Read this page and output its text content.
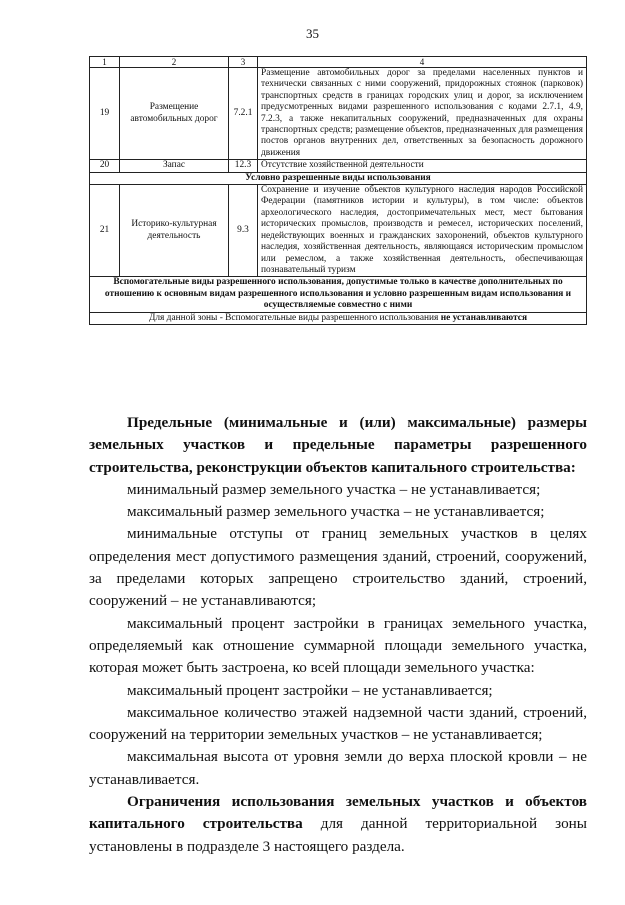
35
1	2	3	4
19	Размещение автомобильных дорог	7.2.1	Размещение автомобильных дорог за пределами населенных пунктов и технически связанных с ними сооружений, придорожных стоянок (парковок) транспортных средств в границах городских улиц и дорог, за исключением предусмотренных видами разрешенного использования с кодами 2.7.1, 4.9, 7.2.3, а также некапитальных сооружений, предназначенных для охраны транспортных средств; размещение объектов, предназначенных для размещения постов органов внутренних дел, ответственных за безопасность дорожного движения
20	Запас	12.3	Отсутствие хозяйственной деятельности
Условно разрешенные виды использования			
21	Историко-культурная деятельность	9.3	Сохранение и изучение объектов культурного наследия народов Российской Федерации (памятников истории и культуры), в том числе: объектов археологического наследия, достопримечательных мест, мест бытования исторических промыслов, производств и ремесел, исторических поселений, недействующих военных и гражданских захоронений, объектов культурного наследия, хозяйственная деятельность, являющаяся историческим промыслом или ремеслом, а также хозяйственная деятельность, обеспечивающая познавательный туризм
Вспомогательные виды разрешенного использования, допустимые только в качестве дополнительных по отношению к основным видам разрешенного использования и условно разрешенным видам использования и осуществляемые совместно с ними			
Для данной зоны - Вспомогательные виды разрешенного использования не устанавливаются			

Предельные (минимальные и (или) максимальные) размеры земельных участков и предельные параметры разрешенного строительства, реконструкции объектов капитального строительства:

минимальный размер земельного участка – не устанавливается;

максимальный размер земельного участка – не устанавливается;

минимальные отступы от границ земельных участков в целях определения мест допустимого размещения зданий, строений, сооружений, за пределами которых запрещено строительство зданий, строений, сооружений – не устанавливаются;

максимальный процент застройки в границах земельного участка, определяемый как отношение суммарной площади земельного участка, которая может быть застроена, ко всей площади земельного участка:

максимальный процент застройки – не устанавливается;

максимальное количество этажей надземной части зданий, строений, сооружений на территории земельных участков – не устанавливается;

максимальная высота от уровня земли до верха плоской кровли – не устанавливается.

Ограничения использования земельных участков и объектов капитального строительства для данной территориальной зоны установлены в подразделе 3 настоящего раздела.
